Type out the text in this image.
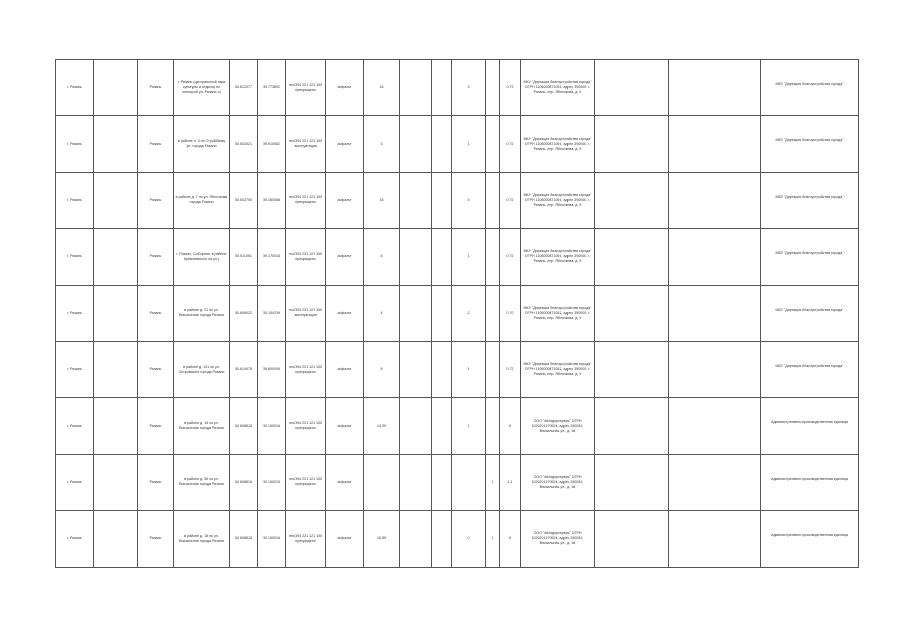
г. Рязань		Рязань	г. Рязань (центральный парк культуры и отдыха) по ненецкой ул. Рязань-о)	50.612077	39.773892	гео/394 221 121 100 прекращено	асфальт	16			3		0.72	МКУ "Дирекция благоустройства города" ОГРН 1106000871051, адрес 390000, г. Рязань, пер. Яблочкова, д. 5			МБУ "Дирекция благоустройства города"
г. Рязань		Рязань	в районе п. 3 по Стройбанку ул. города Рязани	50.603021	39.910082	гео/394 221 121 100 эксплуатация	асфальт	3			1		0.72	МКУ "Дирекция благоустройства города" ОГРН 1106000871051, адрес 390000, г. Рязань, пер. Яблочкова, д. 5			МБУ "Дирекция благоустройства города"
г. Рязань		Рязань	в районе д. 7 по ул. Яблочкова города Рязани	50.602700	39.180066	гео/394 221 121 100 прекращено	асфальт	16			5		0.72	МКУ "Дирекция благоустройства города" ОГРН 1106000871051, адрес 390000, г. Рязань, пер. Яблочкова, д. 5			МБУ "Дирекция благоустройства города"
г. Рязань		Рязань	г. Рязань, Соборная, в районе Кремлевского на ул.)	50.611051	39.170016	гео/394 221 121 100 прекращено	асфальт	8			1		0.72	МКУ "Дирекция благоустройства города" ОГРН 1106000871051, адрес 390000, г. Рязань, пер. Яблочкова, д. 5			МБУ "Дирекция благоустройства города"
г. Рязань		Рязань	в районе д. 21 по ул. Вокзальная города Рязани	50.608022	39.154239	гео/394 221 121 100 эксплуатация	асфальт	4			2		0.70	МКУ "Дирекция благоустройства города" ОГРН 1106000871051, адрес 390000, г. Рязань, пер. Яблочкова, д. 5			МБУ "Дирекция благоустройства города"
г. Рязань		Рязань	в районе д. 101 по ул. Островского города Рязани	50.614978	39.800009	гео/394 221 121 100 прекращено	асфальт	8			1		0.72	МКУ "Дирекция благоустройства города" ОГРН 1106000871051, адрес 390000, г. Рязань, пер. Яблочкова, д. 5			МБУ "Дирекция благоустройства города"
г. Рязань		Рязань	в районе д. 15 по ул. Вокзальная города Рязани	50.608818	39.150016	гео/394 221 121 100 прекращено	асфальт	14.30			1		8	ООО "Автодорсервис" ОГРН 1026201270624, адрес 390041, Вокзальная ул., д. 18			Административно-производственная единица
г. Рязань		Рязань	в районе д. 36 по ул. Вокзальная города Рязани	50.608816	39.150015	гео/394 221 121 100 прекращено	асфальт					1	1.1	ООО "Автодорсервис" ОГРН 1026201270624, адрес 390041, Вокзальная ул., д. 18			Административно-производственная единица
г. Рязань		Рязань	в районе д. 18 по ул. Вокзальная города Рязани	50.608818	39.150016	гео/394 221 121 100 прекращено	асфальт	16.85			0	1	8	ООО "Автодорсервис" ОГРН 1026201270624, адрес 390041, Вокзальная ул., д. 18			Административно-производственная единица
